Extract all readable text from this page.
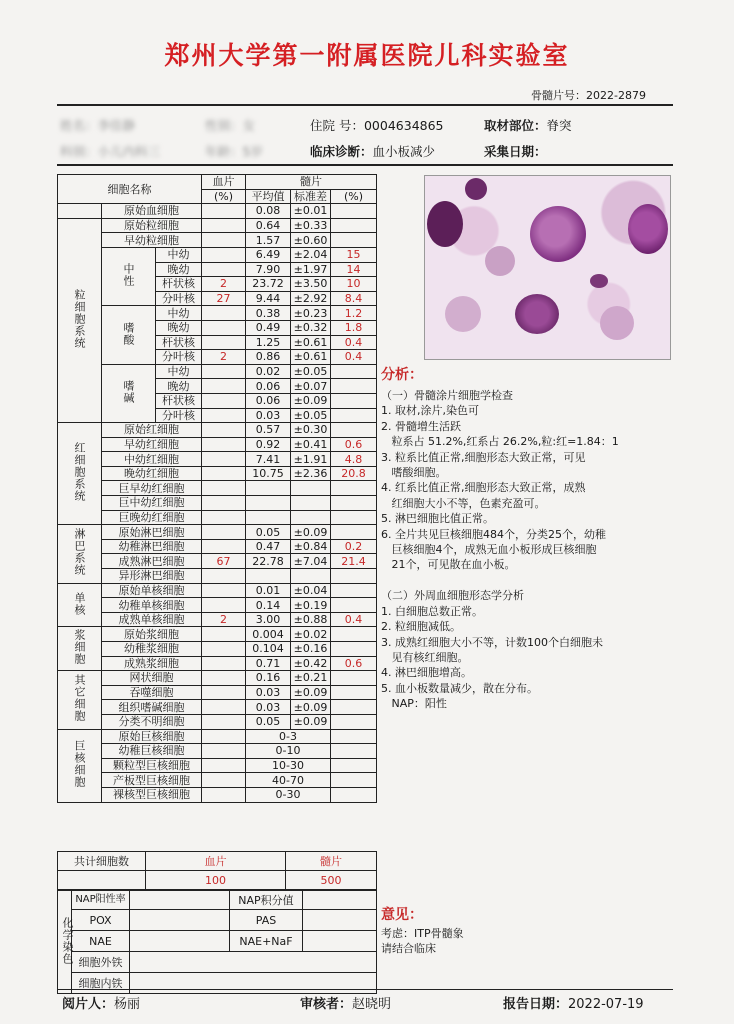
郑州大学第一附属医院儿科实验室
骨髓片号：2022-2879
姓名：李佳静	性别：女	住院 号：0004634865	取材部位：脊突
科别：小儿内科三	年龄：5岁	临床诊断：血小板减少	采集日期：
细胞名称			血片	髓片		
			(%)	平均值	标准差	(%)
	原始血细胞			0.08	±0.01	
粒细胞系统	原始粒细胞			0.64	±0.33	
	早幼粒细胞			1.57	±0.60	
	中性	中幼		6.49	±2.04	15
		晚幼		7.90	±1.97	14
		杆状核	2	23.72	±3.50	10
		分叶核	27	9.44	±2.92	8.4
	嗜酸	中幼		0.38	±0.23	1.2
		晚幼		0.49	±0.32	1.8
		杆状核		1.25	±0.61	0.4
		分叶核	2	0.86	±0.61	0.4
	嗜碱	中幼		0.02	±0.05	
		晚幼		0.06	±0.07	
		杆状核		0.06	±0.09	
		分叶核		0.03	±0.05	
红细胞系统	原始红细胞			0.57	±0.30	
	早幼红细胞			0.92	±0.41	0.6
	中幼红细胞			7.41	±1.91	4.8
	晚幼红细胞			10.75	±2.36	20.8
	巨早幼红细胞					
	巨中幼红细胞					
	巨晚幼红细胞					
淋巴系统	原始淋巴细胞			0.05	±0.09	
	幼稚淋巴细胞			0.47	±0.84	0.2
	成熟淋巴细胞		67	22.78	±7.04	21.4
	异形淋巴细胞					
单核	原始单核细胞			0.01	±0.04	
	幼稚单核细胞			0.14	±0.19	
	成熟单核细胞		2	3.00	±0.88	0.4
浆细胞	原始浆细胞			0.004	±0.02	
	幼稚浆细胞			0.104	±0.16	
	成熟浆细胞			0.71	±0.42	0.6
其它细胞	网状细胞			0.16	±0.21	
	吞噬细胞			0.03	±0.09	
	组织嗜碱细胞			0.03	±0.09	
	分类不明细胞			0.05	±0.09	
巨核细胞	原始巨核细胞			0-3		
	幼稚巨核细胞			0-10		
	颗粒型巨核细胞			10-30		
	产板型巨核细胞			40-70		
	裸核型巨核细胞			0-30		
分析：
（一）骨髓涂片细胞学检查
1. 取材,涂片,染色可
2. 骨髓增生活跃
粒系占 51.2%,红系占 26.2%,粒:红=1.84：1
3. 粒系比值正常,细胞形态大致正常，可见
嗜酸细胞。
4. 红系比值正常,细胞形态大致正常，成熟
红细胞大小不等，色素充盈可。
5. 淋巴细胞比值正常。
6. 全片共见巨核细胞484个，分类25个，幼稚
巨核细胞4个，成熟无血小板形成巨核细胞
21个，可见散在血小板。

（二）外周血细胞形态学分析
1. 白细胞总数正常。
2. 粒细胞减低。
3. 成熟红细胞大小不等，计数100个白细胞未
见有核红细胞。
4. 淋巴细胞增高。
5. 血小板数量减少，散在分布。
NAP：阳性
意见：
考虑：ITP骨髓象
请结合临床

共计细胞数	血片	髓片
	100	500
化学染色	NAP阳性率		NAP积分值	
	POX		PAS	
	NAE		NAE+NaF	
	细胞外铁			
	细胞内铁			
阅片人：杨丽	审核者：赵晓明	报告日期：2022-07-19
